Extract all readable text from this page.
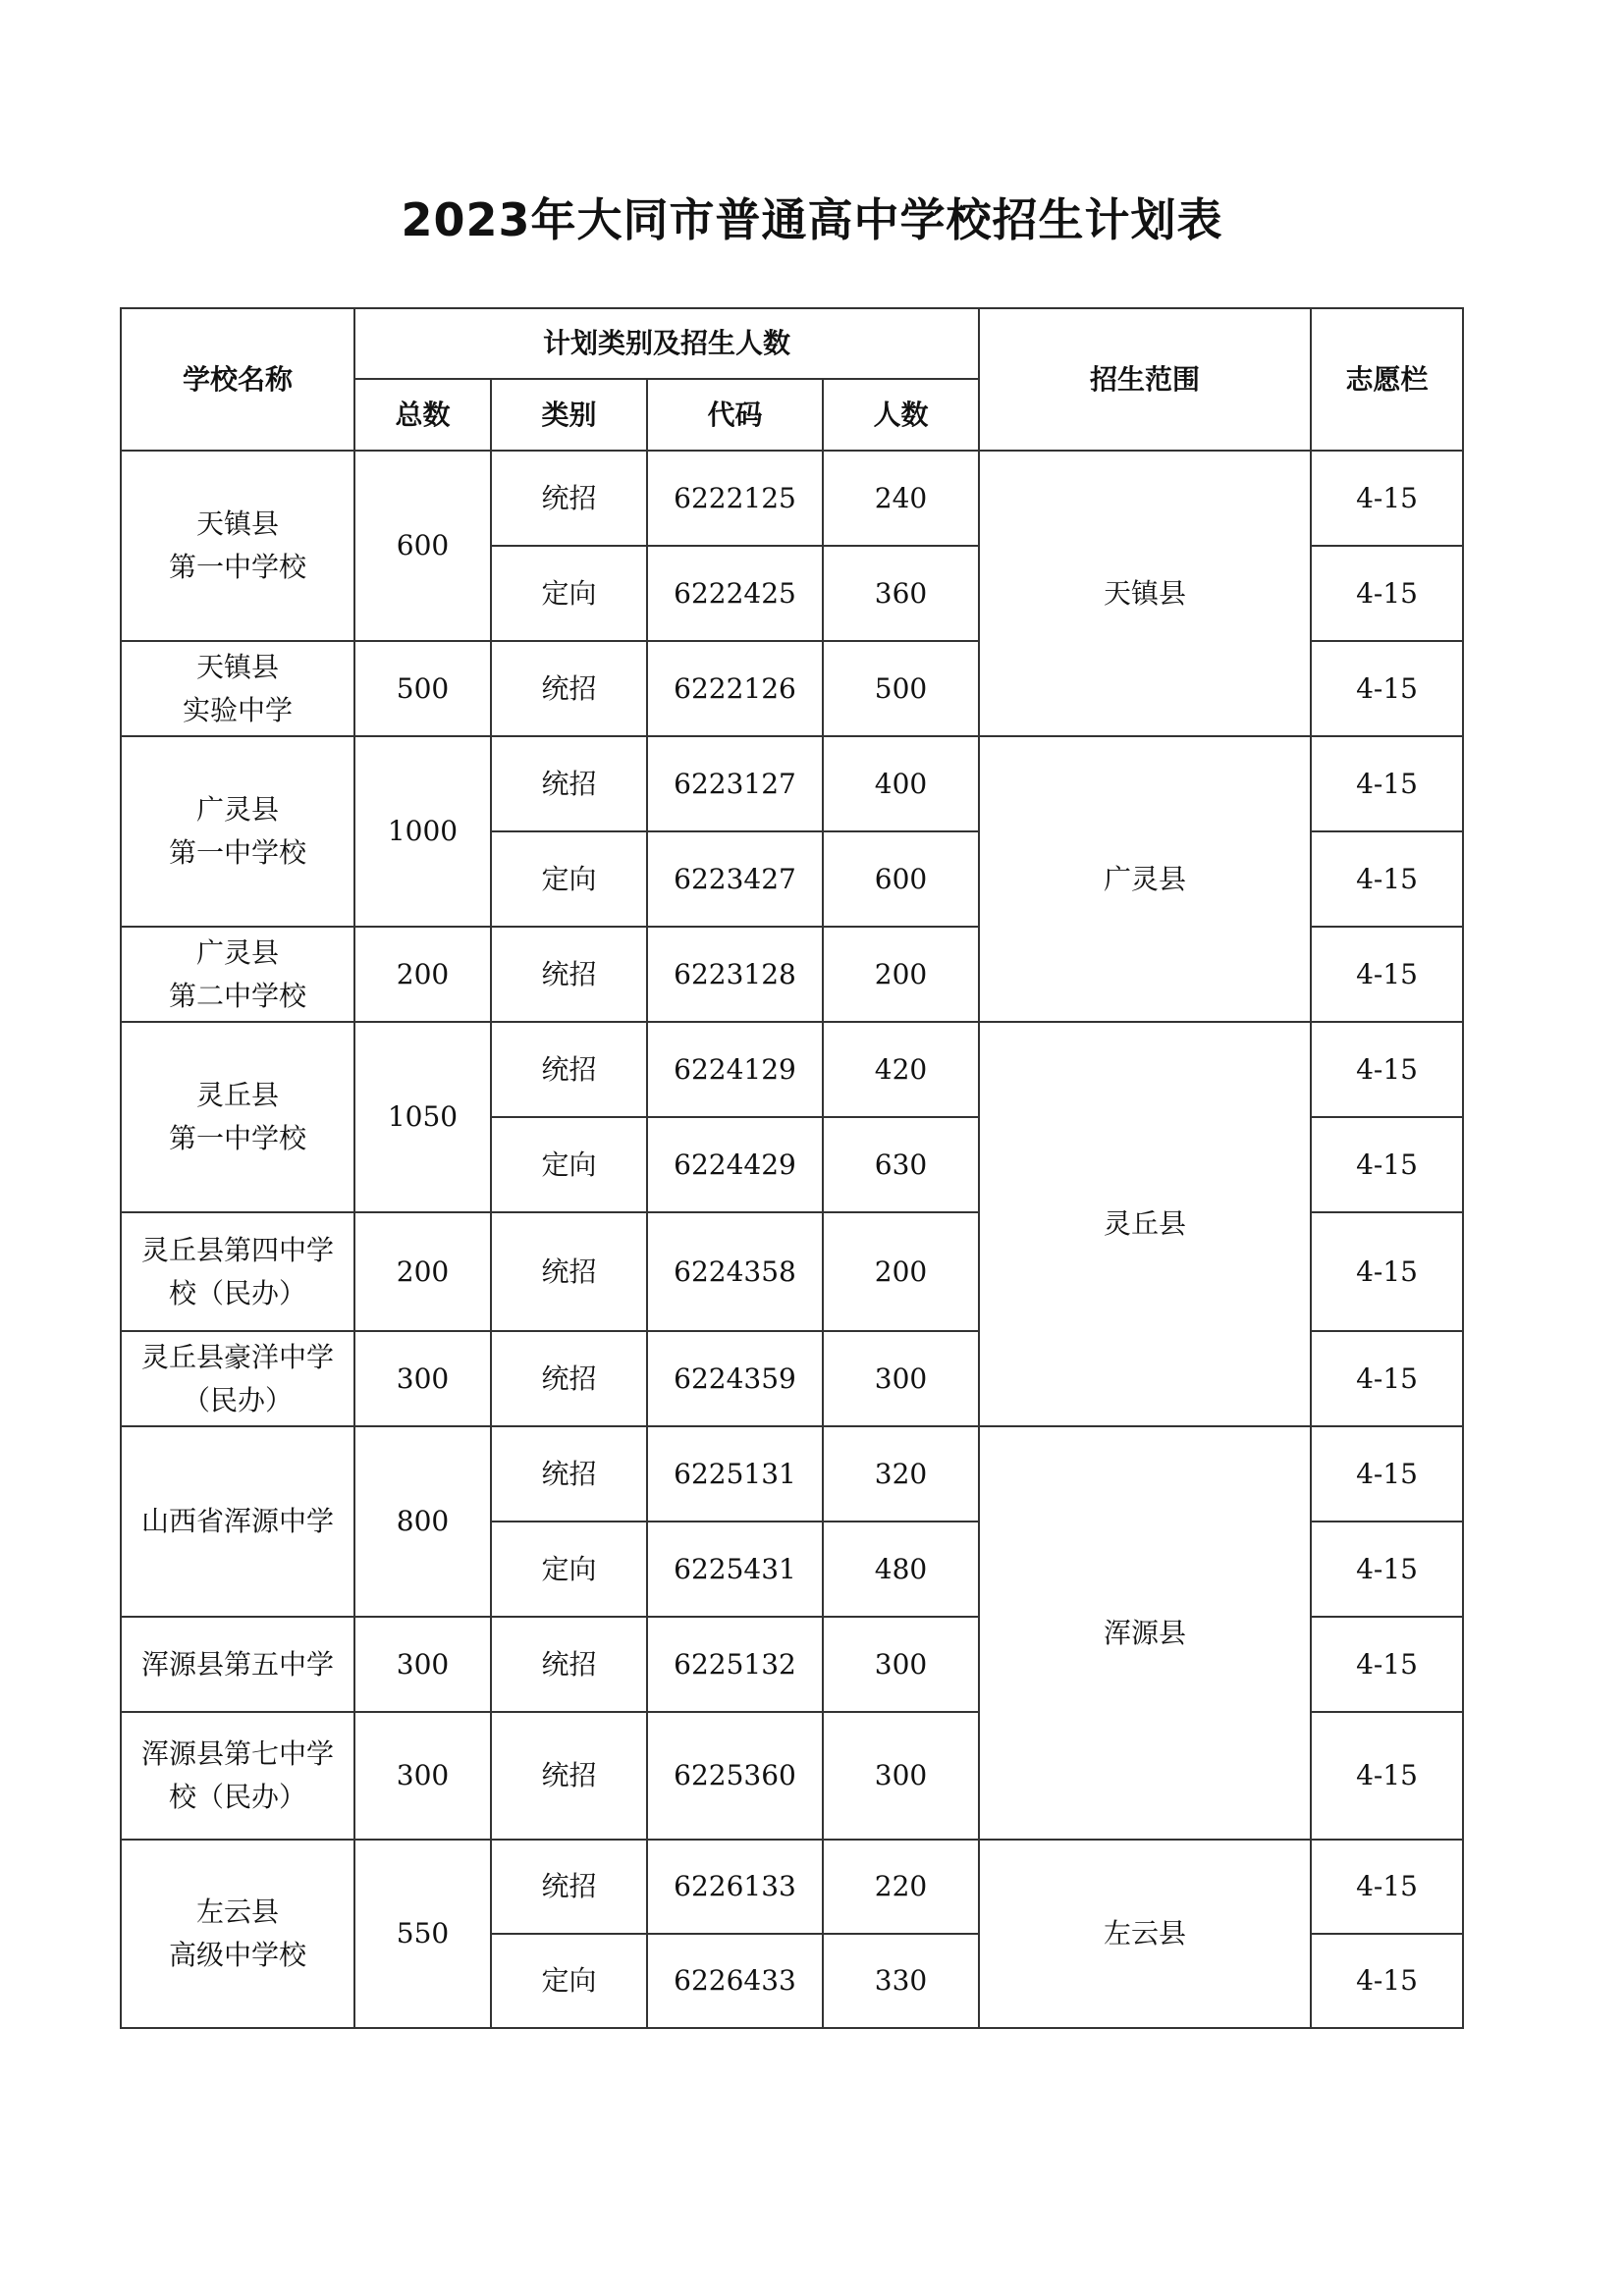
2023年大同市普通高中学校招生计划表
学校名称	计划类别及招生人数				招生范围	志愿栏
	总数	类别	代码	人数		
天镇县
第一中学校	600	统招	6222125	240	天镇县	4-15
		定向	6222425	360		4-15
天镇县
实验中学	500	统招	6222126	500		4-15
广灵县
第一中学校	1000	统招	6223127	400	广灵县	4-15
		定向	6223427	600		4-15
广灵县
第二中学校	200	统招	6223128	200		4-15
灵丘县
第一中学校	1050	统招	6224129	420	灵丘县	4-15
		定向	6224429	630		4-15
灵丘县第四中学
校（民办）	200	统招	6224358	200		4-15
灵丘县豪洋中学
（民办）	300	统招	6224359	300		4-15
山西省浑源中学	800	统招	6225131	320	浑源县	4-15
		定向	6225431	480		4-15
浑源县第五中学	300	统招	6225132	300		4-15
浑源县第七中学
校（民办）	300	统招	6225360	300		4-15
左云县
高级中学校	550	统招	6226133	220	左云县	4-15
		定向	6226433	330		4-15
